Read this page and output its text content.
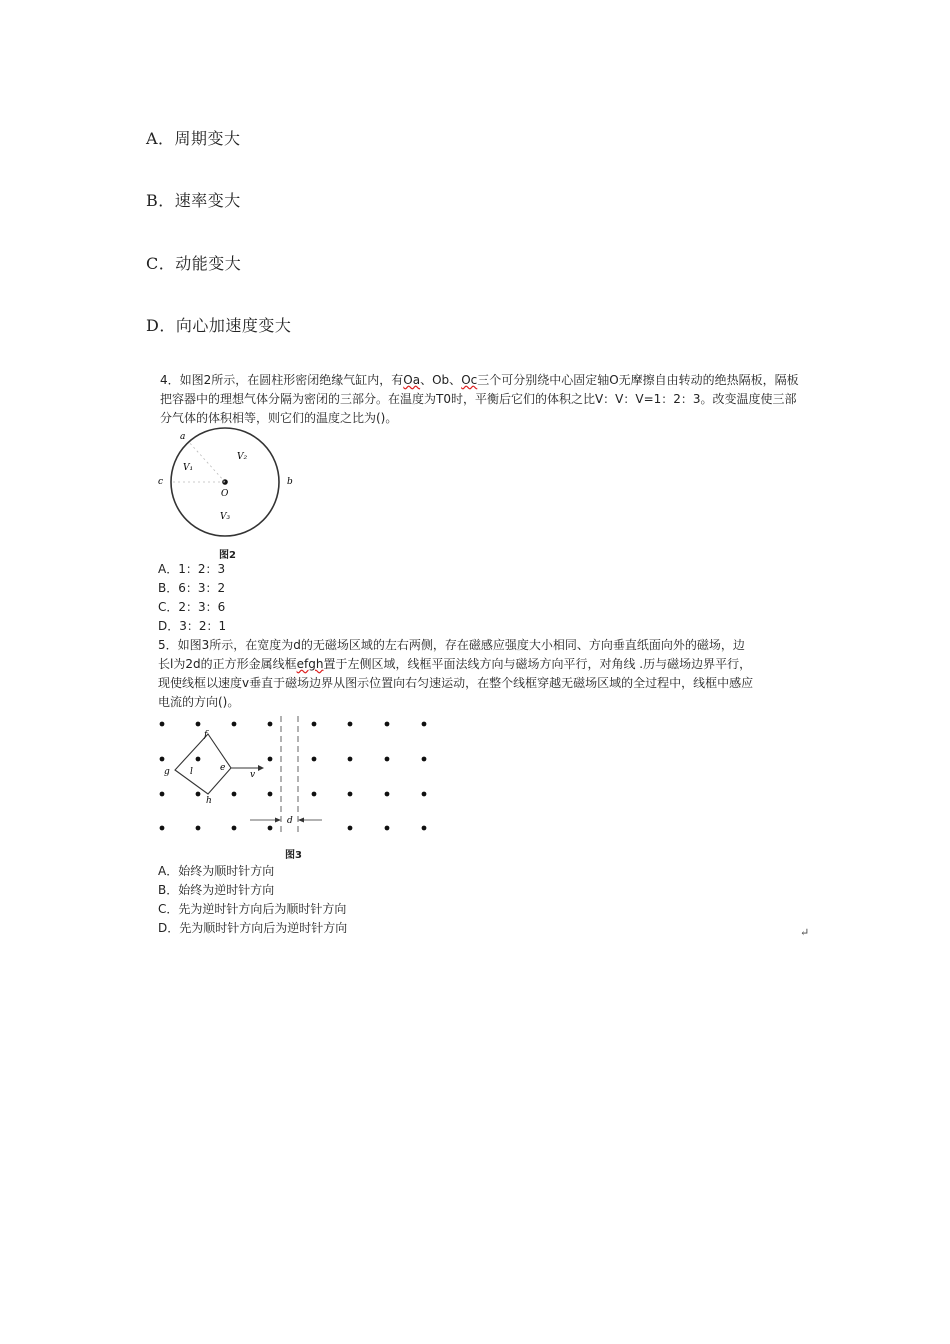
A．周期变大
B．速率变大
C．动能变大
D．向心加速度变大

4．如图2所示，在圆柱形密闭绝缘气缸内，有Oa、Ob、Oc三个可分别绕中心固定轴O无摩擦自由转动的绝热隔板，隔板把容器中的理想气体分隔为密闭的三部分。在温度为T0时，平衡后它们的体积之比V：V：V=1：2：3。改变温度使三部分气体的体积相等，则它们的温度之比为()。

a
b
c
O
V₁
V₂
V₃
图2
A．1：2：3
B．6：3：2
C．2：3：6
D．3：2：1
5．如图3所示，在宽度为d的无磁场区域的左右两侧，存在磁感应强度大小相同、方向垂直纸面向外的磁场，边
长l为2d的正方形金属线框efgh置于左侧区域，线框平面法线方向与磁场方向平行，对角线 .历与磁场边界平行，
现使线框以速度v垂直于磁场边界从图示位置向右匀速运动，在整个线框穿越无磁场区域的全过程中，线框中感应
电流的方向()。
f
g	e
h
l	v
d
图3
A．始终为顺时针方向
B．始终为逆时针方向
C．先为逆时针方向后为顺时针方向
D．先为顺时针方向后为逆时针方向	↵
